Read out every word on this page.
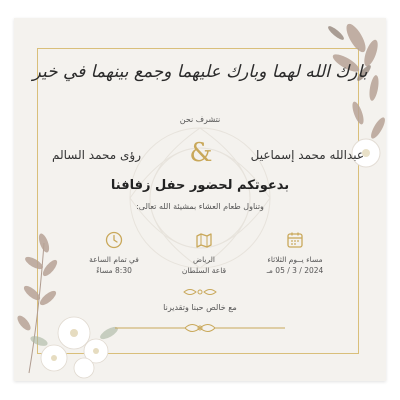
بارك الله لهما وبارك عليهما وجمع بينهما في خير
نتشرف نحن
عبدالله محمد إسماعيل
&
رؤى محمد السالم
بدعوتكم لحضور حفل زفافنا
وتناول طعام العشاء بمشيئة الله تعالى:
مساء يــوم الثلاثاء
2024 / 3 / 05 مـ
الرياض
قاعة السلطان
في تمام الساعة
8:30 مساءً
مع خالص حبنا وتقديرنا
